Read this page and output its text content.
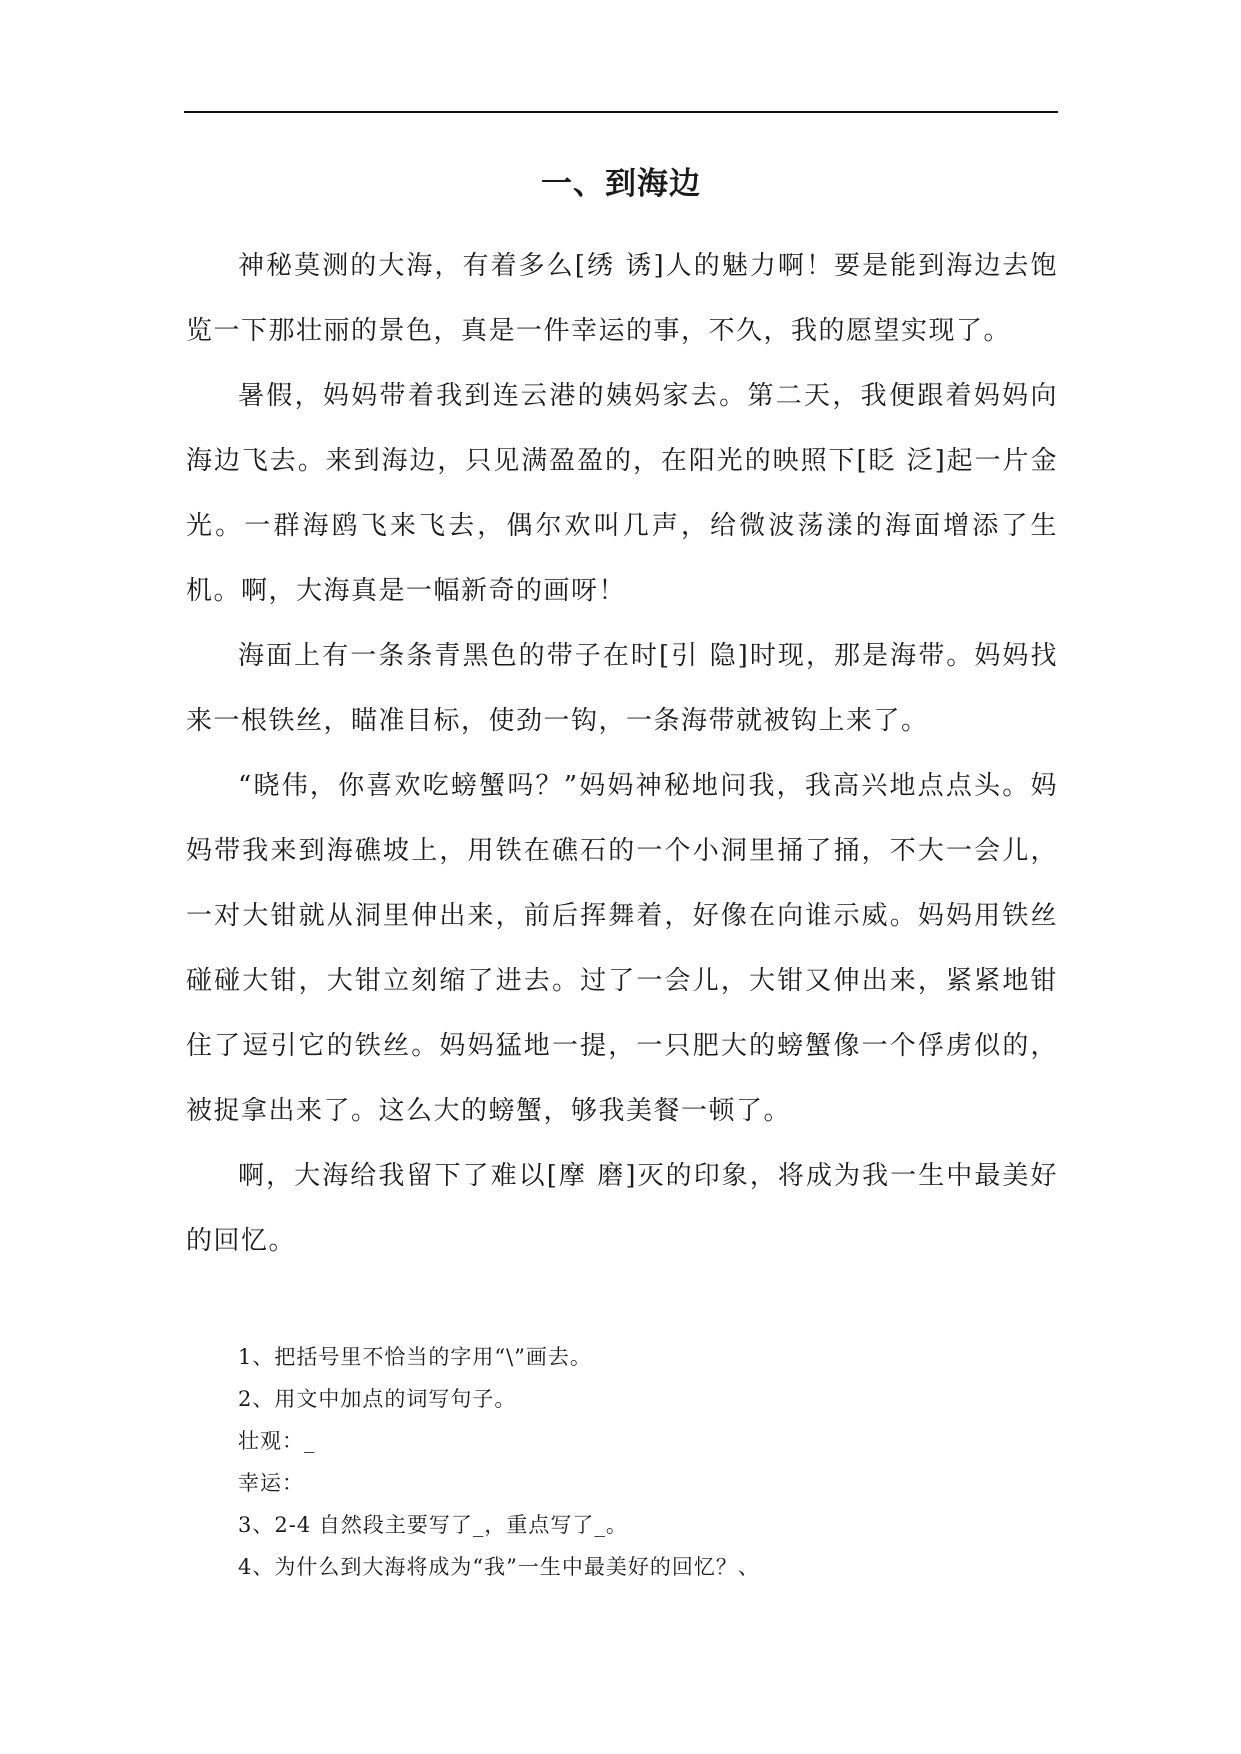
一、到海边

神秘莫测的大海，有着多么[绣 诱]人的魅力啊！要是能到海边去饱览一下那壮丽的景色，真是一件幸运的事，不久，我的愿望实现了。

暑假，妈妈带着我到连云港的姨妈家去。第二天，我便跟着妈妈向海边飞去。来到海边，只见满盈盈的，在阳光的映照下[眨 泛]起一片金光。一群海鸥飞来飞去，偶尔欢叫几声，给微波荡漾的海面增添了生机。啊，大海真是一幅新奇的画呀！

海面上有一条条青黑色的带子在时[引 隐]时现，那是海带。妈妈找来一根铁丝，瞄准目标，使劲一钩，一条海带就被钩上来了。

“晓伟，你喜欢吃螃蟹吗？”妈妈神秘地问我，我高兴地点点头。妈妈带我来到海礁坡上，用铁在礁石的一个小洞里捅了捅，不大一会儿，一对大钳就从洞里伸出来，前后挥舞着，好像在向谁示威。妈妈用铁丝碰碰大钳，大钳立刻缩了进去。过了一会儿，大钳又伸出来，紧紧地钳住了逗引它的铁丝。妈妈猛地一提，一只肥大的螃蟹像一个俘虏似的，被捉拿出来了。这么大的螃蟹，够我美餐一顿了。

啊，大海给我留下了难以[摩 磨]灭的印象，将成为我一生中最美好的回忆。

1、把括号里不恰当的字用“\”画去。
2、用文中加点的词写句子。
壮观：_
幸运：
3、2-4 自然段主要写了_，重点写了_。
4、为什么到大海将成为“我”一生中最美好的回忆？、
